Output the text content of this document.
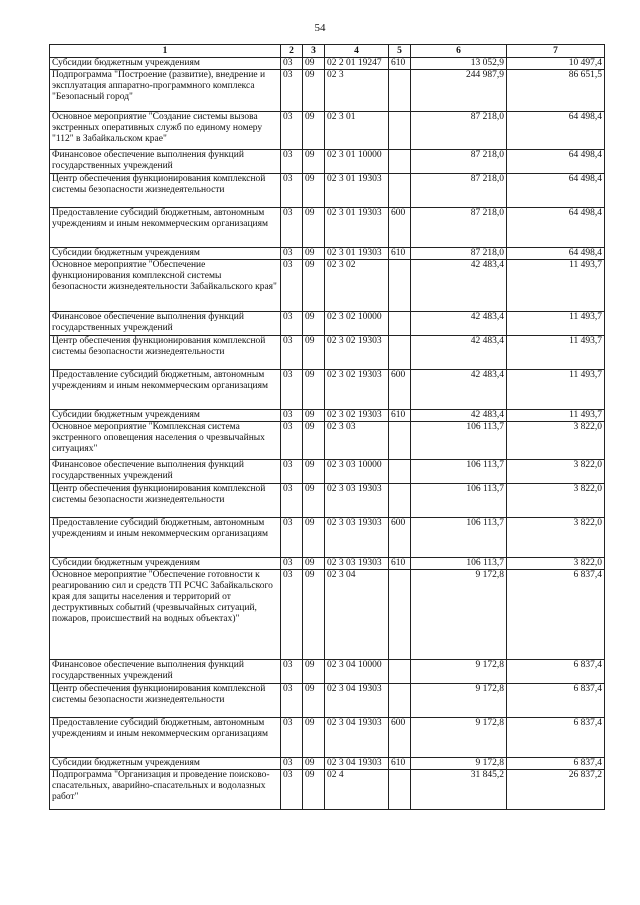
54
1	2	3	4	5	6	7
Субсидии бюджетным учреждениям	03	09	02 2 01 19247	610	13 052,9	10 497,4
Подпрограмма "Построение (развитие), внедрение и эксплуатация аппаратно-программного комплекса "Безопасный город"	03	09	02 3		244 987,9	86 651,5
Основное мероприятие "Создание системы вызова экстренных оперативных служб по единому номеру "112" в Забайкальском крае"	03	09	02 3 01		87 218,0	64 498,4
Финансовое обеспечение выполнения функций государственных учреждений	03	09	02 3 01 10000		87 218,0	64 498,4
Центр обеспечения функционирования комплексной системы безопасности жизнедеятельности	03	09	02 3 01 19303		87 218,0	64 498,4
Предоставление субсидий бюджетным, автономным учреждениям и иным некоммерческим организациям	03	09	02 3 01 19303	600	87 218,0	64 498,4
Субсидии бюджетным учреждениям	03	09	02 3 01 19303	610	87 218,0	64 498,4
Основное мероприятие "Обеспечение функционирования комплексной системы безопасности жизнедеятельности Забайкальского края"	03	09	02 3 02		42 483,4	11 493,7
Финансовое обеспечение выполнения функций государственных учреждений	03	09	02 3 02 10000		42 483,4	11 493,7
Центр обеспечения функционирования комплексной системы безопасности жизнедеятельности	03	09	02 3 02 19303		42 483,4	11 493,7
Предоставление субсидий бюджетным, автономным учреждениям и иным некоммерческим организациям	03	09	02 3 02 19303	600	42 483,4	11 493,7
Субсидии бюджетным учреждениям	03	09	02 3 02 19303	610	42 483,4	11 493,7
Основное мероприятие "Комплексная система экстренного оповещения населения о чрезвычайных ситуациях"	03	09	02 3 03		106 113,7	3 822,0
Финансовое обеспечение выполнения функций государственных учреждений	03	09	02 3 03 10000		106 113,7	3 822,0
Центр обеспечения функционирования комплексной системы безопасности жизнедеятельности	03	09	02 3 03 19303		106 113,7	3 822,0
Предоставление субсидий бюджетным, автономным учреждениям и иным некоммерческим организациям	03	09	02 3 03 19303	600	106 113,7	3 822,0
Субсидии бюджетным учреждениям	03	09	02 3 03 19303	610	106 113,7	3 822,0
Основное мероприятие "Обеспечение готовности к реагированию сил и средств ТП РСЧС Забайкальского края для защиты населения и территорий от деструктивных событий (чрезвычайных ситуаций, пожаров, происшествий на водных объектах)"	03	09	02 3 04		9 172,8	6 837,4
Финансовое обеспечение выполнения функций государственных учреждений	03	09	02 3 04 10000		9 172,8	6 837,4
Центр обеспечения функционирования комплексной системы безопасности жизнедеятельности	03	09	02 3 04 19303		9 172,8	6 837,4
Предоставление субсидий бюджетным, автономным учреждениям и иным некоммерческим организациям	03	09	02 3 04 19303	600	9 172,8	6 837,4
Субсидии бюджетным учреждениям	03	09	02 3 04 19303	610	9 172,8	6 837,4
Подпрограмма "Организация и проведение поисково-спасательных, аварийно-спасательных и водолазных работ"	03	09	02 4		31 845,2	26 837,2
